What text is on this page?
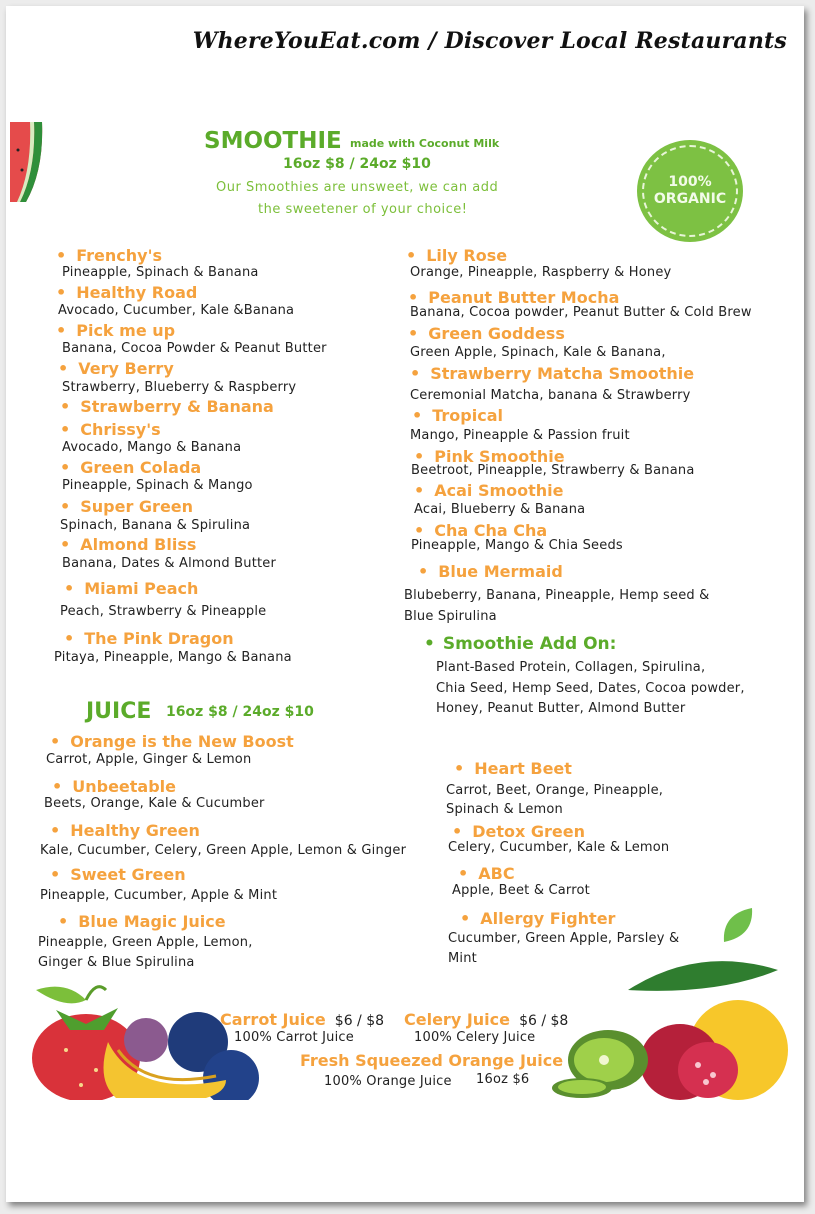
WhereYouEat.com / Discover Local Restaurants
SMOOTHIE made with Coconut Milk
16oz $8 / 24oz $10
Our Smoothies are unsweet, we can add
the sweetener of your choice!
100% ORGANIC
• Frenchy's
Pineapple, Spinach & Banana
• Healthy Road
Avocado, Cucumber, Kale &Banana
• Pick me up
Banana, Cocoa Powder & Peanut Butter
• Very Berry
Strawberry, Blueberry & Raspberry
• Strawberry & Banana
• Chrissy's
Avocado, Mango & Banana
• Green Colada
Pineapple, Spinach & Mango
• Super Green
Spinach, Banana & Spirulina
• Almond Bliss
Banana, Dates & Almond Butter
• Miami Peach
Peach, Strawberry & Pineapple
• The Pink Dragon
Pitaya, Pineapple, Mango & Banana
• Lily Rose
Orange, Pineapple, Raspberry & Honey
• Peanut Butter Mocha
Banana, Cocoa powder, Peanut Butter & Cold Brew
• Green Goddess
Green Apple, Spinach, Kale & Banana,
• Strawberry Matcha Smoothie
Ceremonial Matcha, banana & Strawberry
• Tropical
Mango, Pineapple & Passion fruit
• Pink Smoothie
Beetroot, Pineapple, Strawberry & Banana
• Acai Smoothie
Acai, Blueberry & Banana
• Cha Cha Cha
Pineapple, Mango & Chia Seeds
• Blue Mermaid
Blubeberry, Banana, Pineapple, Hemp seed &
Blue Spirulina
• Smoothie Add On:
Plant-Based Protein, Collagen, Spirulina,
Chia Seed, Hemp Seed, Dates, Cocoa powder,
Honey, Peanut Butter, Almond Butter
JUICE 16oz $8 / 24oz $10
• Orange is the New Boost
Carrot, Apple, Ginger & Lemon
• Unbeetable
Beets, Orange, Kale & Cucumber
• Healthy Green
Kale, Cucumber, Celery, Green Apple, Lemon & Ginger
• Sweet Green
Pineapple, Cucumber, Apple & Mint
• Blue Magic Juice
Pineapple, Green Apple, Lemon,
Ginger & Blue Spirulina
• Heart Beet
Carrot, Beet, Orange, Pineapple,
Spinach & Lemon
• Detox Green
Celery, Cucumber, Kale & Lemon
• ABC
Apple, Beet & Carrot
• Allergy Fighter
Cucumber, Green Apple, Parsley &
Mint
Carrot Juice $6 / $8
100% Carrot Juice
Celery Juice $6 / $8
100% Celery Juice
Fresh Squeezed Orange Juice
100% Orange Juice 16oz $6
